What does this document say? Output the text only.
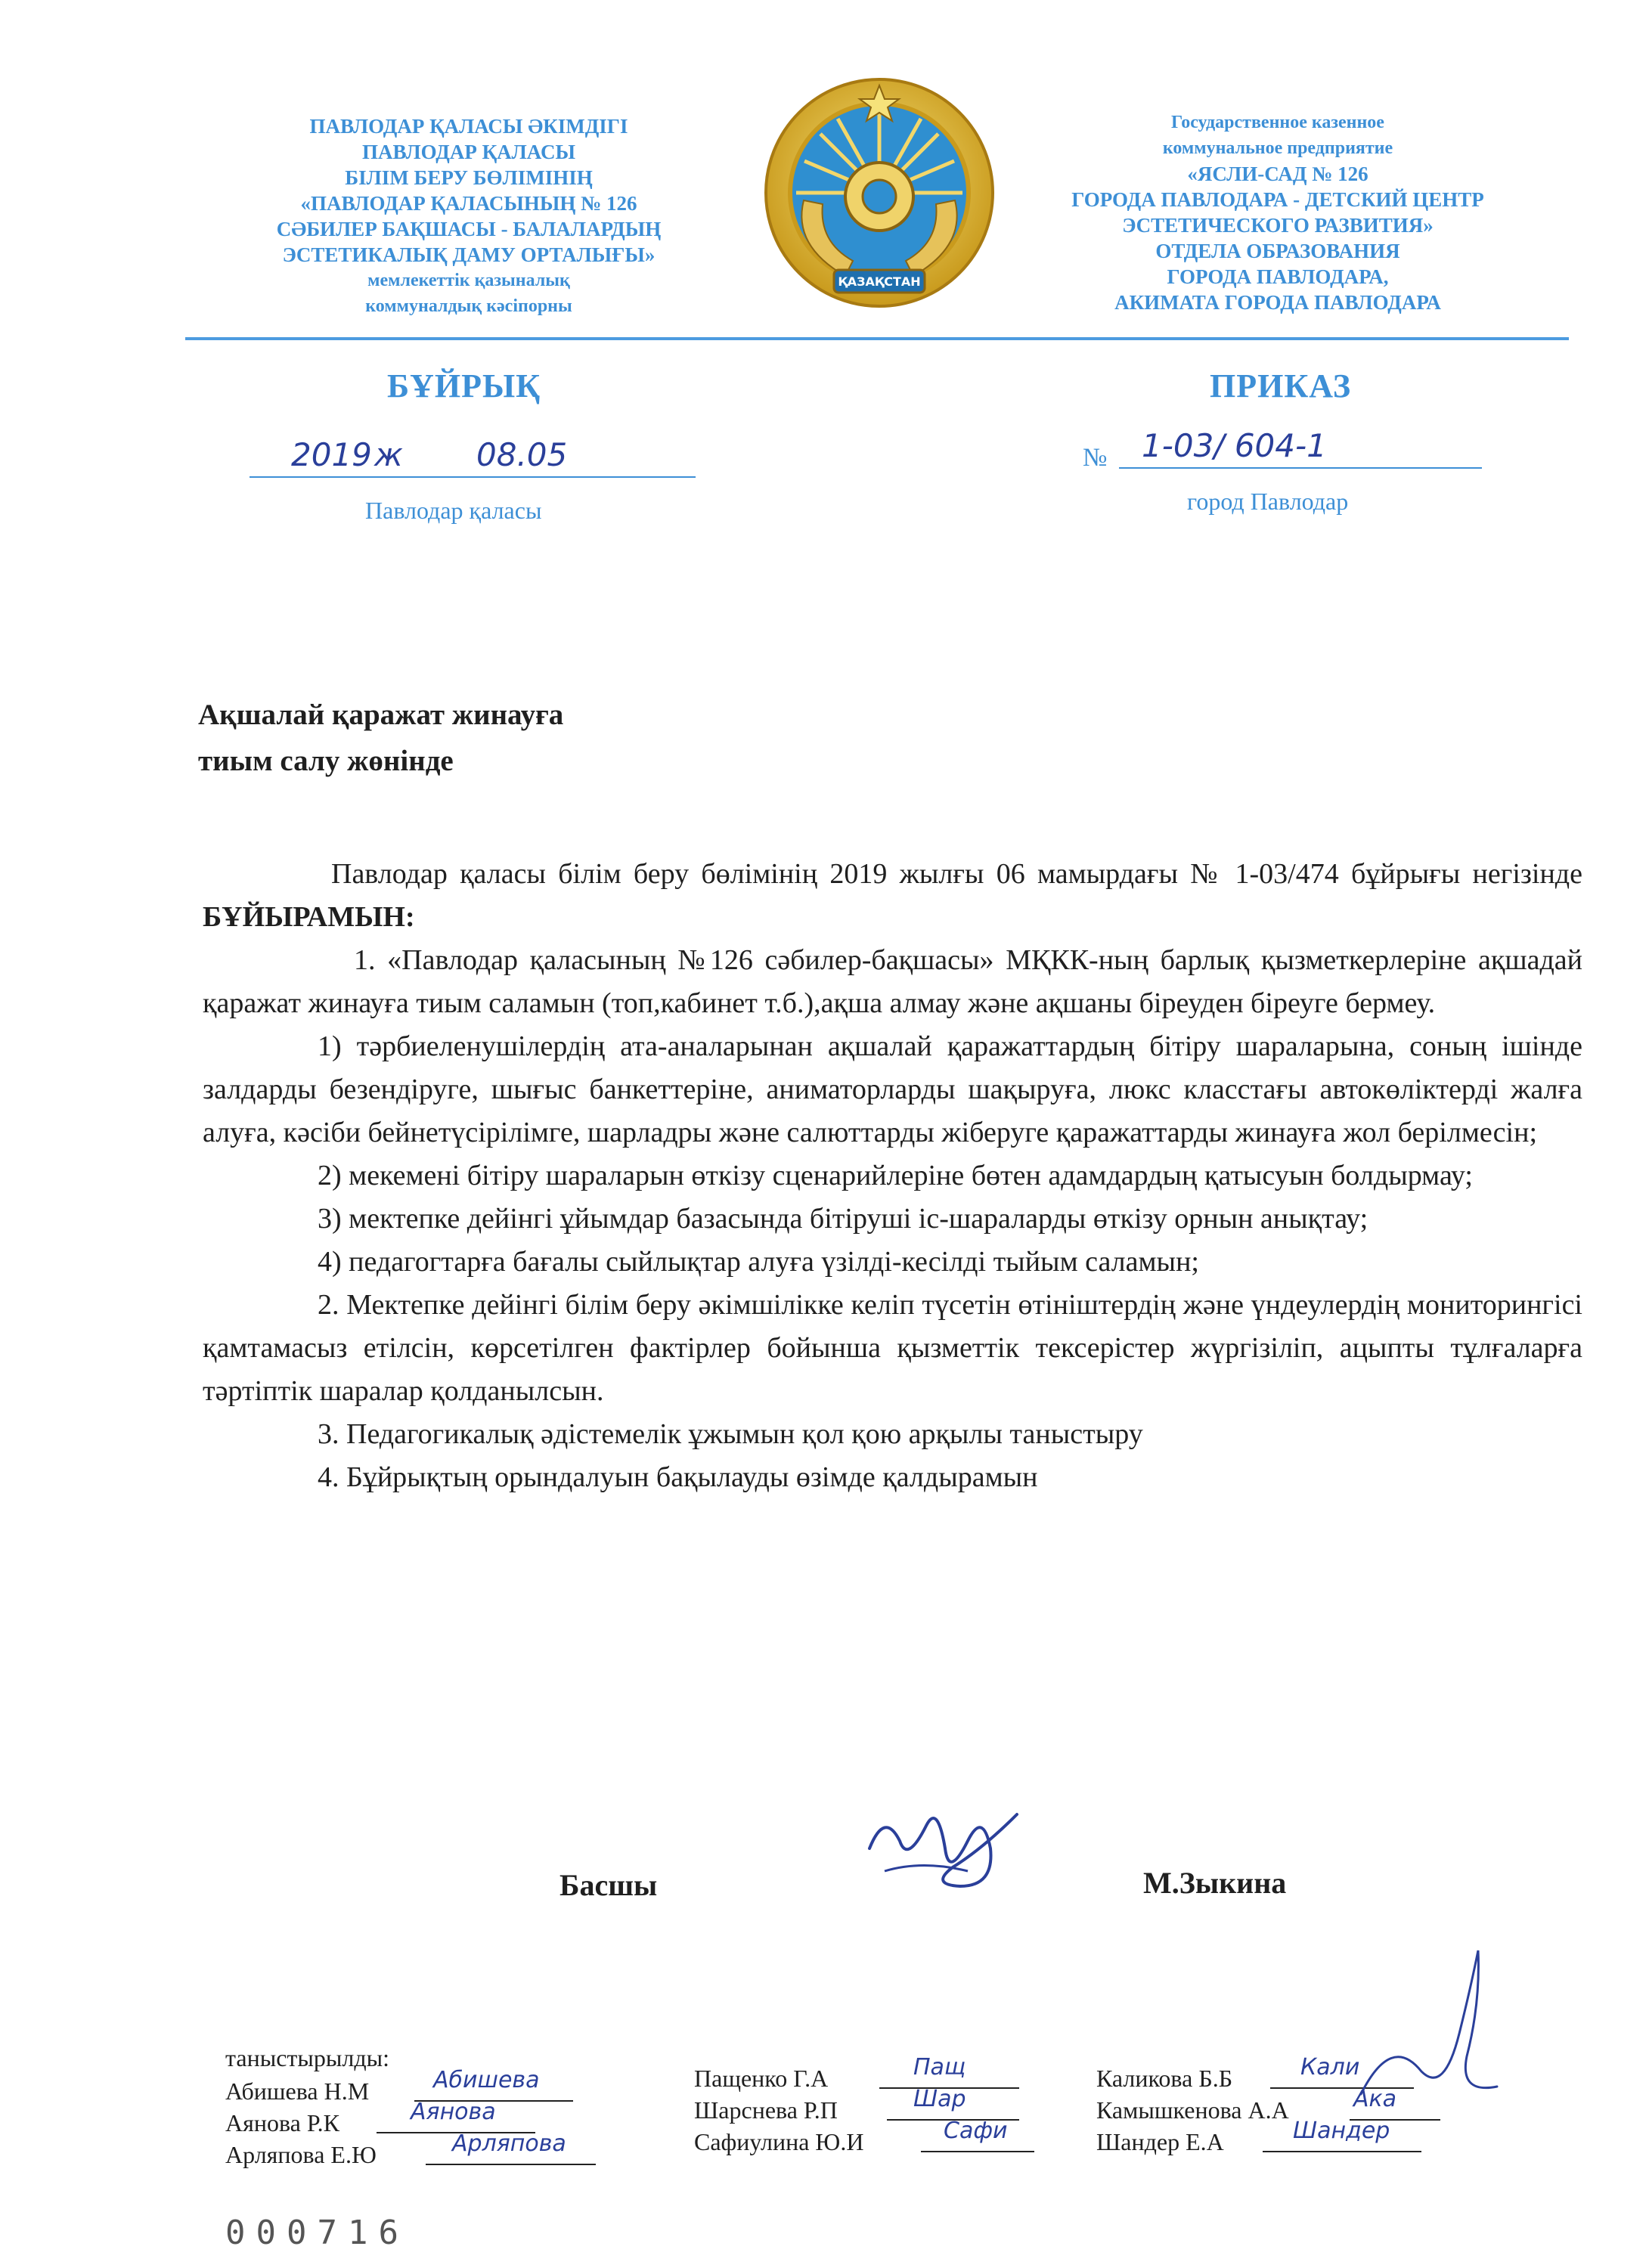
ПАВЛОДАР ҚАЛАСЫ ӘКІМДІГІ
ПАВЛОДАР ҚАЛАСЫ
БІЛІМ БЕРУ БӨЛІМІНІҢ
«ПАВЛОДАР ҚАЛАСЫНЫҢ № 126
СӘБИЛЕР БАҚШАСЫ - БАЛАЛАРДЫҢ
ЭСТЕТИКАЛЫҚ ДАМУ ОРТАЛЫҒЫ»
мемлекеттік қазыналық
коммуналдық кәсіпорны
ҚАЗАҚСТАН
Государственное казенное
коммунальное предприятие
«ЯСЛИ-САД № 126
ГОРОДА ПАВЛОДАРА - ДЕТСКИЙ ЦЕНТР
ЭСТЕТИЧЕСКОГО РАЗВИТИЯ»
ОТДЕЛА ОБРАЗОВАНИЯ
ГОРОДА ПАВЛОДАРА,
АКИМАТА ГОРОДА ПАВЛОДАРА
БҰЙРЫҚ	ПРИКАЗ
2019 ж 08.05	№ 1-03/ 604-1
Павлодар қаласы	город Павлодар
Ақшалай қаражат жинауға
тиым салу жөнінде

Павлодар қаласы білім беру бөлімінің 2019 жылғы 06 мамырдағы № 1-03/474 бұйрығы негізінде БҰЙЫРАМЫН:

1. «Павлодар қаласының №126 сәбилер-бақшасы» МҚКК-ның барлық қызметкерлеріне ақшадай қаражат жинауға тиым саламын (топ,кабинет т.б.),ақша алмау және ақшаны біреуден біреуге бермеу.

1) тәрбиеленушілердің ата-аналарынан ақшалай қаражаттардың бітіру шараларына, соның ішінде залдарды безендіруге, шығыс банкеттеріне, аниматорларды шақыруға, люкс класстағы автокөліктерді жалға алуға, кәсіби бейнетүсірілімге, шарладры және салюттарды жіберуге қаражаттарды жинауға жол берілмесін;

2) мекемені бітіру шараларын өткізу сценарийлеріне бөтен адамдардың қатысуын болдырмау;

3) мектепке дейінгі ұйымдар базасында бітіруші іс-шараларды өткізу орнын анықтау;

4) педагогтарға бағалы сыйлықтар алуға үзілді-кесілді тыйым саламын;

2. Мектепке дейінгі білім беру әкімшілікке келіп түсетін өтініштердің және үндеулердің мониторингісі қамтамасыз етілсін, көрсетілген фактірлер бойынша қызметтік тексерістер жүргізіліп, ацыпты тұлғаларға тәртіптік шаралар қолданылсын.

3. Педагогикалық әдістемелік ұжымын қол қою арқылы таныстыру

4. Бұйрықтың орындалуын бақылауды өзімде қалдырамын

Басшы	М.Зыкина
таныстырылды:
Абишева Н.М	Абишева
Аянова Р.К	Аянова
Арляпова Е.Ю	Арляпова
Пащенко Г.А	Пащ
Шарснева Р.П	Шар
Сафиулина Ю.И	Сафи
Каликова Б.Б	Кали
Камышкенова А.А	Ака
Шандер Е.А	Шандер
000716
